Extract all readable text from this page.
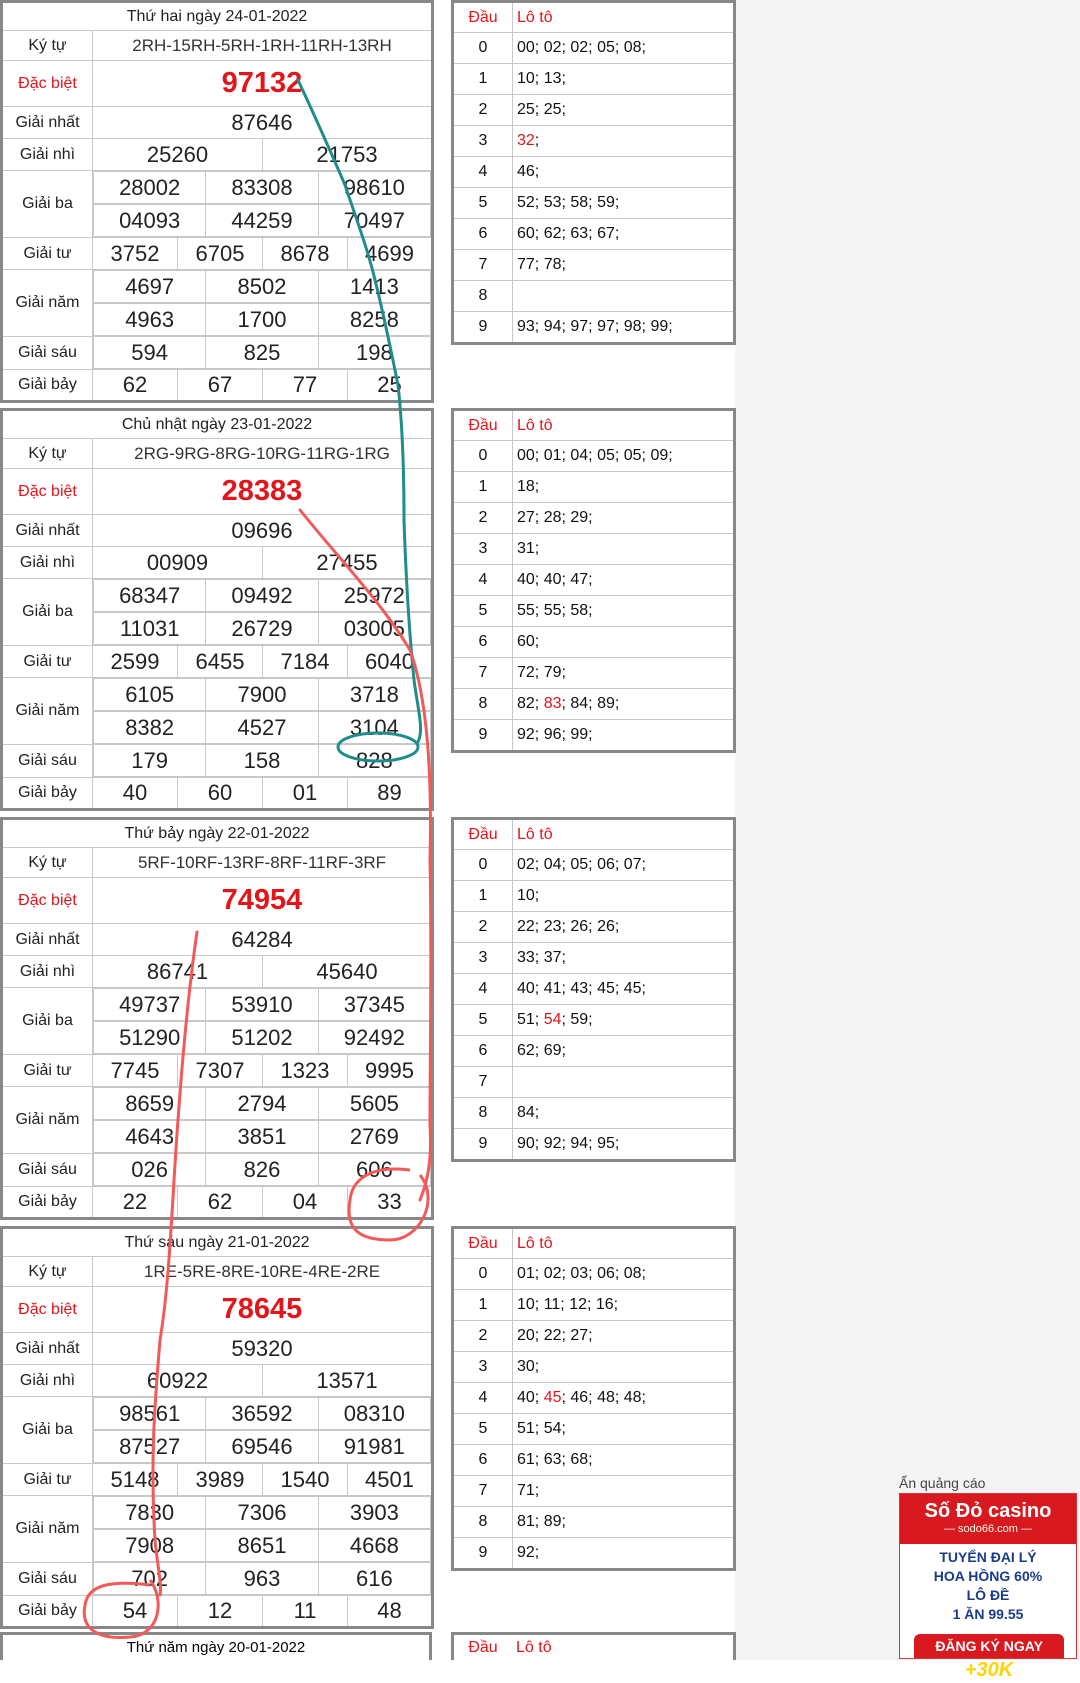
Thứ hai ngày 24-01-2022
Ký tự	2RH-15RH-5RH-1RH-11RH-13RH
Đặc biệt	97132
Giải nhất	87646
Giải nhì	25260	21753
Giải ba	
28002	83308	98610

04093	44259	70497

Giải tư	3752	6705	8678	4699
Giải năm	
4697	8502	1413

4963	1700	8258

Giải sáu	594	825	198

Giải bảy	62	67	77	25
Đầu	Lô tô
0	00; 02; 02; 05; 08;
1	10; 13;
2	25; 25;
3	32;
4	46;
5	52; 53; 58; 59;
6	60; 62; 63; 67;
7	77; 78;
8	
9	93; 94; 97; 97; 98; 99;
Chủ nhật ngày 23-01-2022
Ký tự	2RG-9RG-8RG-10RG-11RG-1RG
Đặc biệt	28383
Giải nhất	09696
Giải nhì	00909	27455
Giải ba	
68347	09492	25972

11031	26729	03005

Giải tư	2599	6455	7184	6040
Giải năm	
6105	7900	3718

8382	4527	3104

Giải sáu	179	158	828

Giải bảy	40	60	01	89
Đầu	Lô tô
0	00; 01; 04; 05; 05; 09;
1	18;
2	27; 28; 29;
3	31;
4	40; 40; 47;
5	55; 55; 58;
6	60;
7	72; 79;
8	82; 83; 84; 89;
9	92; 96; 99;
Thứ bảy ngày 22-01-2022
Ký tự	5RF-10RF-13RF-8RF-11RF-3RF
Đặc biệt	74954
Giải nhất	64284
Giải nhì	86741	45640
Giải ba	
49737	53910	37345

51290	51202	92492

Giải tư	7745	7307	1323	9995
Giải năm	
8659	2794	5605

4643	3851	2769

Giải sáu	026	826	606

Giải bảy	22	62	04	33
Đầu	Lô tô
0	02; 04; 05; 06; 07;
1	10;
2	22; 23; 26; 26;
3	33; 37;
4	40; 41; 43; 45; 45;
5	51; 54; 59;
6	62; 69;
7	
8	84;
9	90; 92; 94; 95;
Thứ sáu ngày 21-01-2022
Ký tự	1RE-5RE-8RE-10RE-4RE-2RE
Đặc biệt	78645
Giải nhất	59320
Giải nhì	60922	13571
Giải ba	
98561	36592	08310

87527	69546	91981

Giải tư	5148	3989	1540	4501
Giải năm	
7830	7306	3903

7908	8651	4668

Giải sáu	702	963	616

Giải bảy	54	12	11	48
Đầu	Lô tô
0	01; 02; 03; 06; 08;
1	10; 11; 12; 16;
2	20; 22; 27;
3	30;
4	40; 45; 46; 48; 48;
5	51; 54;
6	61; 63; 68;
7	71;
8	81; 89;
9	92;
Thứ năm ngày 20-01-2022	Đầu Lô tô
Ẩn quảng cáo
Số Đỏ casino
— sodo66.com —
TUYỂN ĐẠI LÝ
HOA HỒNG 60%
LÔ ĐỀ
1 ĂN 99.55
ĐĂNG KÝ NGAY +30K
